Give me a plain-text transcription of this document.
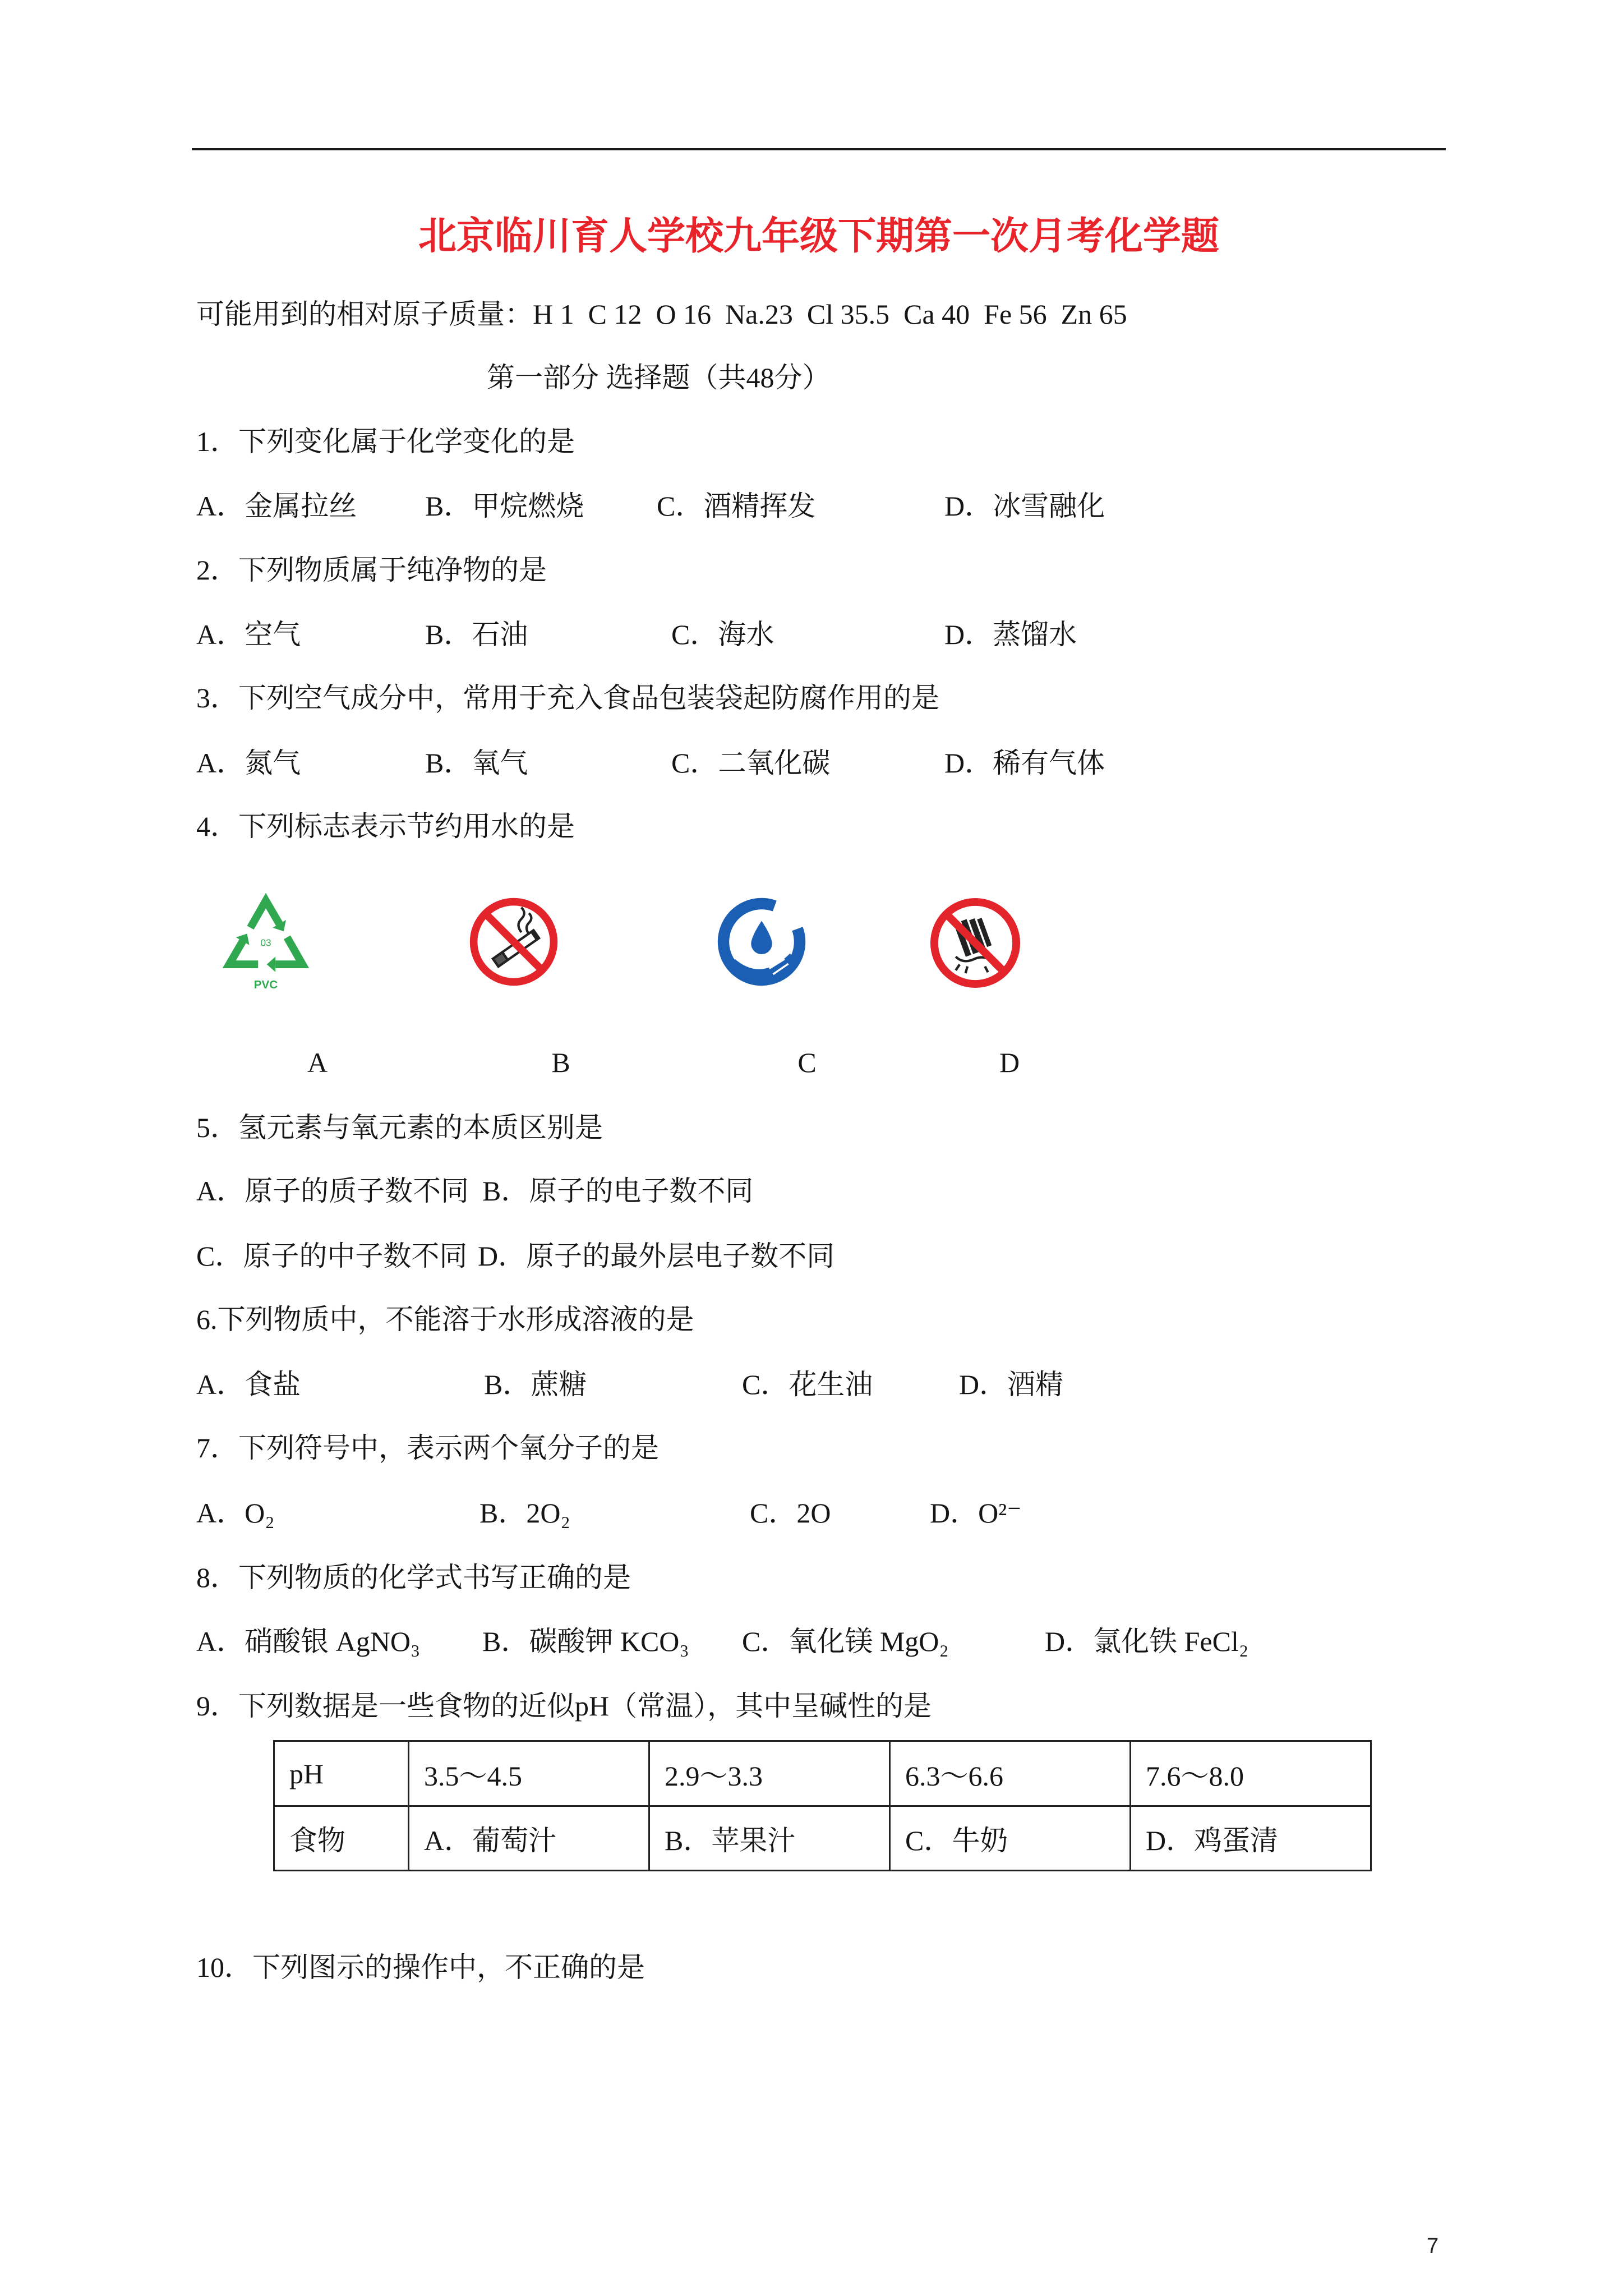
北京临川育人学校九年级下期第一次月考化学题
可能用到的相对原子质量：H 1  C 12  O 16  Na.23  Cl 35.5  Ca 40  Fe 56  Zn 65
第一部分 选择题（共48分）
1．下列变化属于化学变化的是
A．金属拉丝 B．甲烷燃烧	C．酒精挥发	D．冰雪融化
2．下列物质属于纯净物的是
A．空气	B．石油	C．海水	D．蒸馏水
3．下列空气成分中，常用于充入食品包装袋起防腐作用的是
A．氮气	B．氧气	C．二氧化碳	D．稀有气体
4．下列标志表示节约用水的是
03
PVC
A	B	C	D
5．氢元素与氧元素的本质区别是
A．原子的质子数不同 B．原子的电子数不同
C．原子的中子数不同 D．原子的最外层电子数不同
6.下列物质中，不能溶于水形成溶液的是
A．食盐	B．蔗糖	C．花生油	D．酒精
7．下列符号中，表示两个氧分子的是
A．O₂	B．2O₂	C．2O	D．O²⁻
8．下列物质的化学式书写正确的是
A．硝酸银 AgNO₃ B．碳酸钾 KCO₃ C．氧化镁 MgO₂	D．氯化铁 FeCl₂
9．下列数据是一些食物的近似pH（常温），其中呈碱性的是
pH	3.5～4.5	2.9～3.3	6.3～6.6	7.6～8.0
食物	A．葡萄汁	B．苹果汁	C．牛奶	D．鸡蛋清
10．下列图示的操作中，不正确的是
7
